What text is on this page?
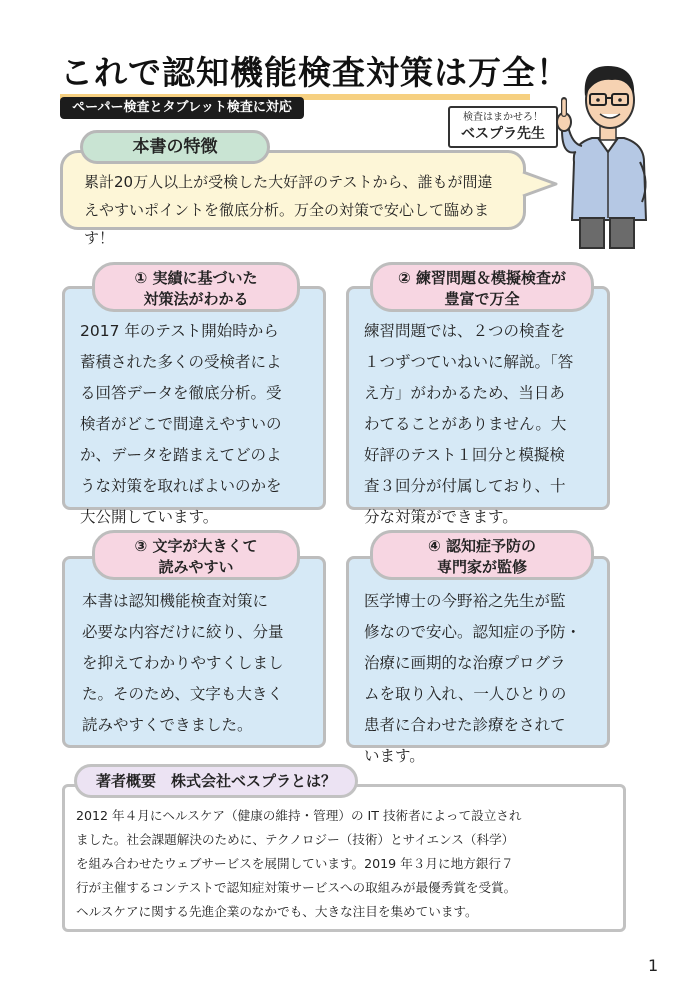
これで認知機能検査対策は万全！
ペーパー検査とタブレット検査に対応
検査はまかせろ！
ベスプラ先生
本書の特徴
累計20万人以上が受検した大好評のテストから、誰もが間違
えやすいポイントを徹底分析。万全の対策で安心して臨めます！
① 実績に基づいた
対策法がわかる
2017 年のテスト開始時から
蓄積された多くの受検者によ
る回答データを徹底分析。受
検者がどこで間違えやすいの
か、データを踏まえてどのよ
うな対策を取ればよいのかを
大公開しています。
② 練習問題＆模擬検査が
豊富で万全
練習問題では、２つの検査を
１つずつていねいに解説。「答
え方」がわかるため、当日あ
わてることがありません。大
好評のテスト１回分と模擬検
査３回分が付属しており、十
分な対策ができます。
③ 文字が大きくて
読みやすい
本書は認知機能検査対策に
必要な内容だけに絞り、分量
を抑えてわかりやすくしまし
た。そのため、文字も大きく
読みやすくできました。
④ 認知症予防の
専門家が監修
医学博士の今野裕之先生が監
修なので安心。認知症の予防・
治療に画期的な治療プログラ
ムを取り入れ、一人ひとりの
患者に合わせた診療をされて
います。
著者概要　株式会社ベスプラとは？
2012 年４月にヘルスケア（健康の維持・管理）の IT 技術者によって設立され
ました。社会課題解決のために、テクノロジー（技術）とサイエンス（科学）
を組み合わせたウェブサービスを展開しています。2019 年３月に地方銀行７
行が主催するコンテストで認知症対策サービスへの取組みが最優秀賞を受賞。
ヘルスケアに関する先進企業のなかでも、大きな注目を集めています。
1
